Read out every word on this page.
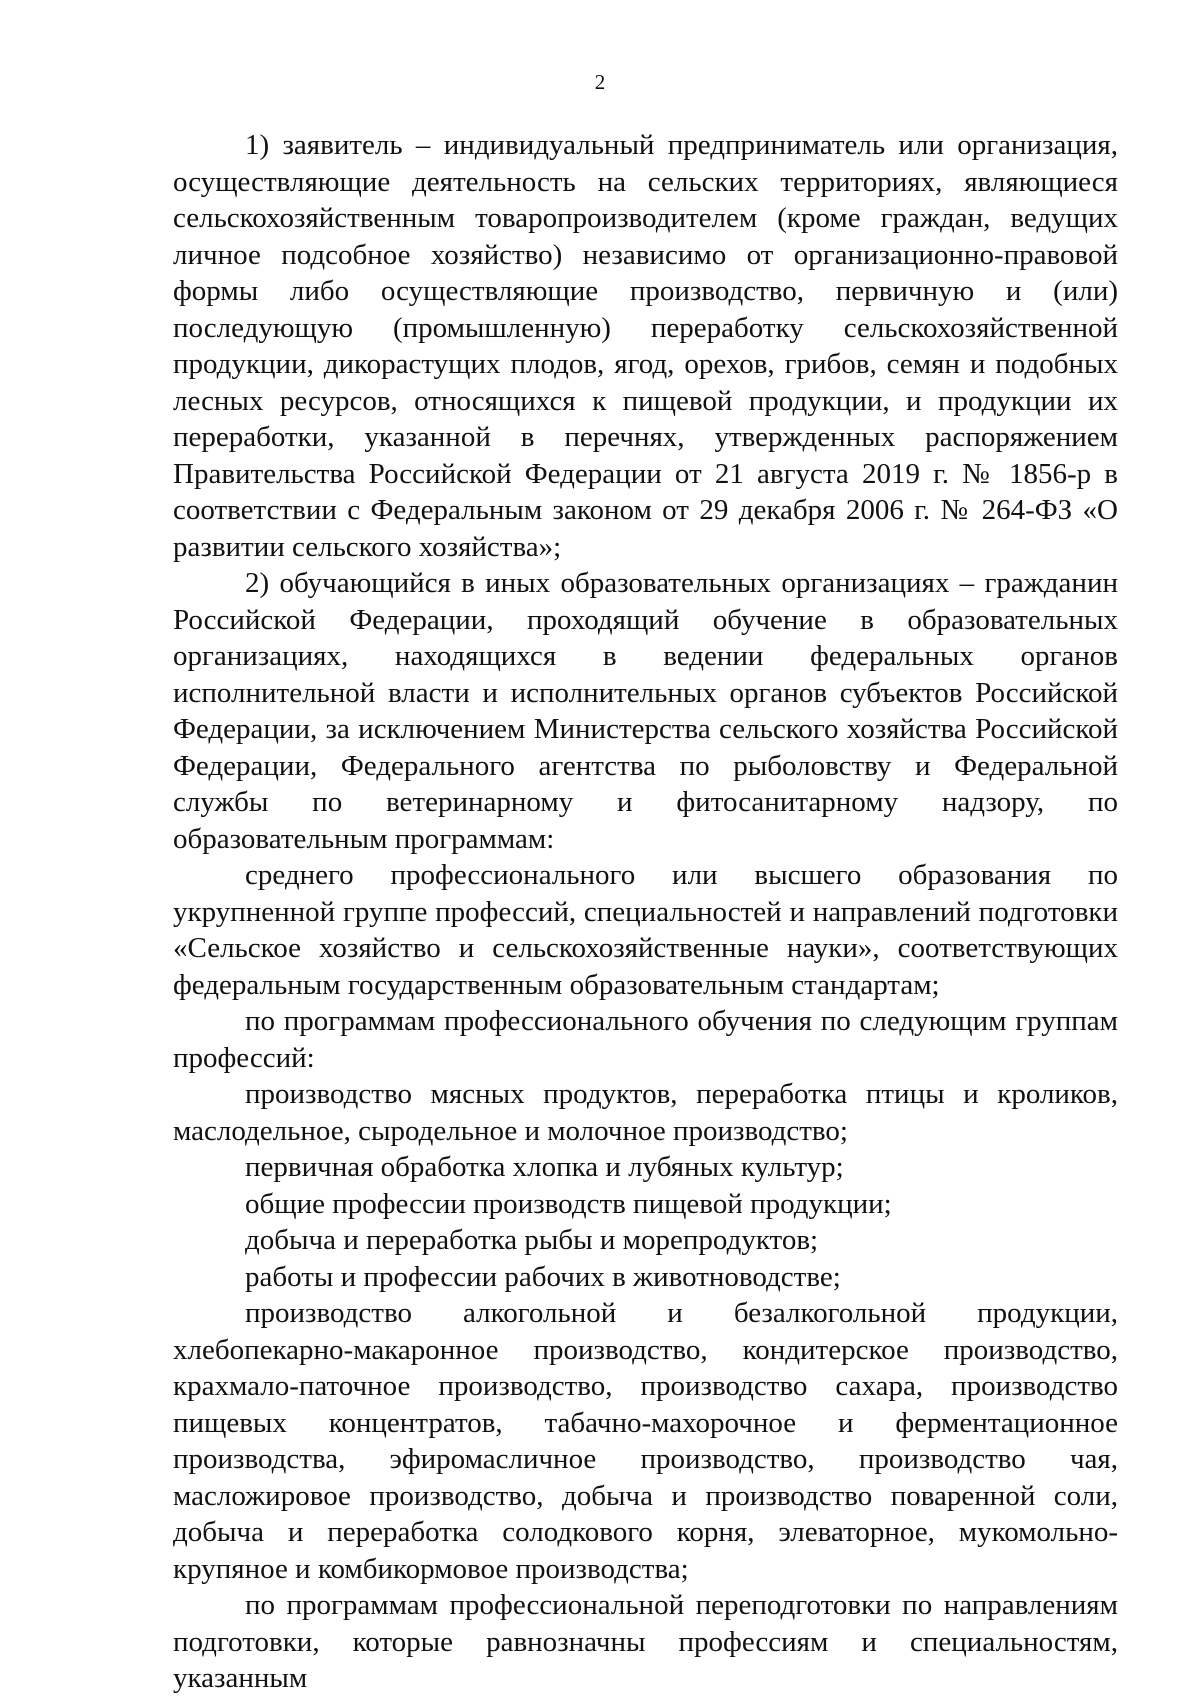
2

1) заявитель – индивидуальный предприниматель или организация, осуществляющие деятельность на сельских территориях, являющиеся сельскохозяйственным товаропроизводителем (кроме граждан, ведущих личное подсобное хозяйство) независимо от организационно-правовой формы либо осуществляющие производство, первичную и (или) последующую (промышленную) переработку сельскохозяйственной продукции, дикорастущих плодов, ягод, орехов, грибов, семян и подобных лесных ресурсов, относящихся к пищевой продукции, и продукции их переработки, указанной в перечнях, утвержденных распоряжением Правительства Российской Федерации от 21 августа 2019 г. № 1856-р в соответствии с Федеральным законом от 29 декабря 2006 г. № 264-ФЗ «О развитии сельского хозяйства»;

2) обучающийся в иных образовательных организациях – гражданин Российской Федерации, проходящий обучение в образовательных организациях, находящихся в ведении федеральных органов исполнительной власти и исполнительных органов субъектов Российской Федерации, за исключением Министерства сельского хозяйства Российской Федерации, Федерального агентства по рыболовству и Федеральной службы по ветеринарному и фитосанитарному надзору, по образовательным программам:

среднего профессионального или высшего образования по укрупненной группе профессий, специальностей и направлений подготовки «Сельское хозяйство и сельскохозяйственные науки», соответствующих федеральным государственным образовательным стандартам;

по программам профессионального обучения по следующим группам профессий:

производство мясных продуктов, переработка птицы и кроликов, маслодельное, сыродельное и молочное производство;

первичная обработка хлопка и лубяных культур;

общие профессии производств пищевой продукции;

добыча и переработка рыбы и морепродуктов;

работы и профессии рабочих в животноводстве;

производство алкогольной и безалкогольной продукции, хлебопекарно-макаронное производство, кондитерское производство, крахмало-паточное производство, производство сахара, производство пищевых концентратов, табачно-махорочное и ферментационное производства, эфиромасличное производство, производство чая, масложировое производство, добыча и производство поваренной соли, добыча и переработка солодкового корня, элеваторное, мукомольно-крупяное и комбикормовое производства;

по программам профессиональной переподготовки по направлениям подготовки, которые равнозначны профессиям и специальностям, указанным
